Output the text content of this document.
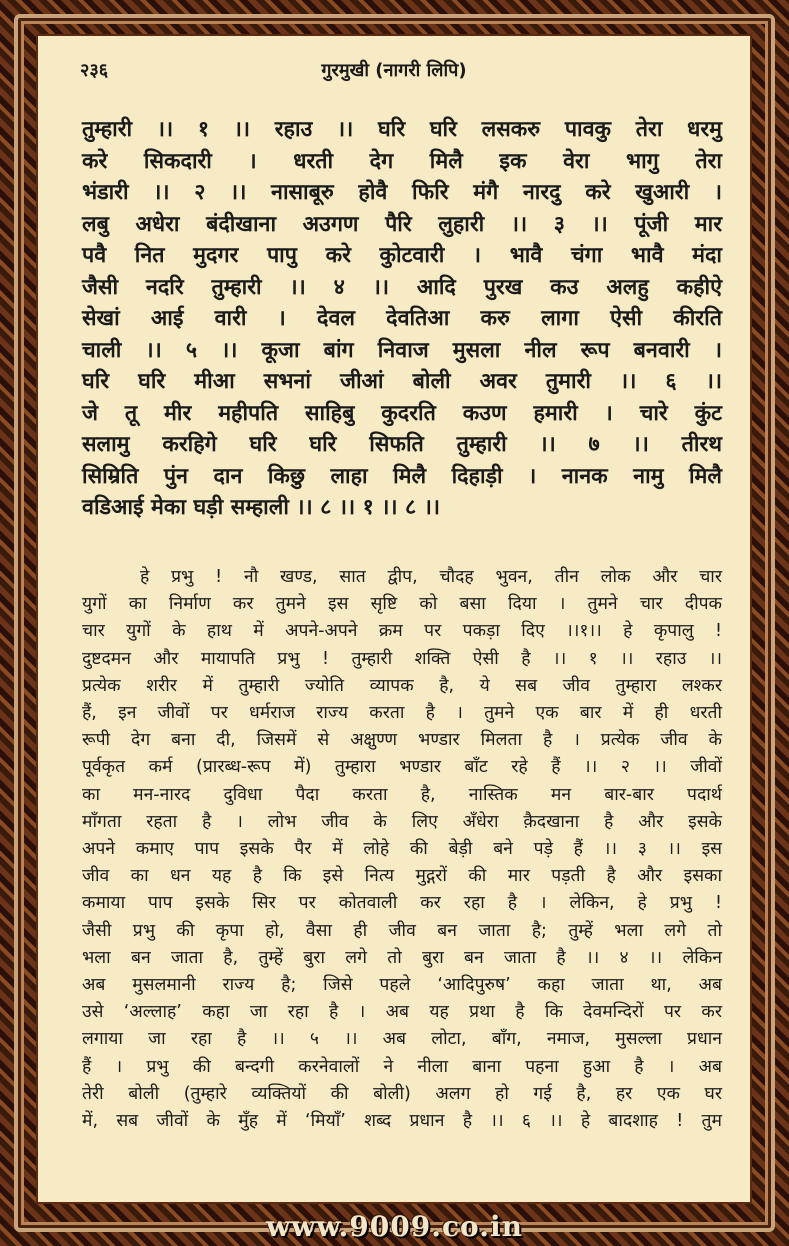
२३६	गुरमुखी (नागरी लिपि)
तुम्हारी ।। १ ।। रहाउ ।। घरि घरि लसकरु पावकु तेरा धरमु
करे सिकदारी । धरती देग मिलै इक वेरा भागु तेरा
भंडारी ।। २ ।। नासाबूरु होवै फिरि मंगै नारदु करे खुआरी ।
लबु अधेरा बंदीखाना अउगण पैरि लुहारी ।। ३ ।। पूंजी मार
पवै नित मुदगर पापु करे कुोटवारी । भावै चंगा भावै मंदा
जैसी नदरि तुम्हारी ।। ४ ।। आदि पुरख कउ अलहु कहीऐ
सेखां आई वारी । देवल देवतिआ करु लागा ऐसी कीरति
चाली ।। ५ ।। कूजा बांग निवाज मुसला नील रूप बनवारी ।
घरि घरि मीआ सभनां जीआं बोली अवर तुमारी ।। ६ ।।
जे तू मीर महीपति साहिबु कुदरति कउण हमारी । चारे कुंट
सलामु करहिगे घरि घरि सिफति तुम्हारी ।। ७ ।। तीरथ
सिम्रिति पुंन दान किछु लाहा मिलै दिहाड़ी । नानक नामु मिलै
वडिआई मेका घड़ी सम्हाली ।। ८ ।। १ ।। ८ ।।
हे प्रभु ! नौ खण्ड, सात द्वीप, चौदह भुवन, तीन लोक और चार
युगों का निर्माण कर तुमने इस सृष्टि को बसा दिया । तुमने चार दीपक
चार युगों के हाथ में अपने-अपने क्रम पर पकड़ा दिए ।।१।। हे कृपालु !
दुष्टदमन और मायापति प्रभु ! तुम्हारी शक्ति ऐसी है ।। १ ।। रहाउ ।।
प्रत्येक शरीर में तुम्हारी ज्योति व्यापक है, ये सब जीव तुम्हारा लश्कर
हैं, इन जीवों पर धर्मराज राज्य करता है । तुमने एक बार में ही धरती
रूपी देग बना दी, जिसमें से अक्षुण्ण भण्डार मिलता है । प्रत्येक जीव के
पूर्वकृत कर्म (प्रारब्ध-रूप में) तुम्हारा भण्डार बाँट रहे हैं ।। २ ।। जीवों
का मन-नारद दुविधा पैदा करता है, नास्तिक मन बार-बार पदार्थ
माँगता रहता है । लोभ जीव के लिए अँधेरा क़ैदखाना है और इसके
अपने कमाए पाप इसके पैर में लोहे की बेड़ी बने पड़े हैं ।। ३ ।। इस
जीव का धन यह है कि इसे नित्य मुद्गरों की मार पड़ती है और इसका
कमाया पाप इसके सिर पर कोतवाली कर रहा है । लेकिन, हे प्रभु !
जैसी प्रभु की कृपा हो, वैसा ही जीव बन जाता है; तुम्हें भला लगे तो
भला बन जाता है, तुम्हें बुरा लगे तो बुरा बन जाता है ।। ४ ।। लेकिन
अब मुसलमानी राज्य है; जिसे पहले ‘आदिपुरुष’ कहा जाता था, अब
उसे ‘अल्लाह’ कहा जा रहा है । अब यह प्रथा है कि देवमन्दिरों पर कर
लगाया जा रहा है ।। ५ ।। अब लोटा, बाँग, नमाज, मुसल्ला प्रधान
हैं । प्रभु की बन्दगी करनेवालों ने नीला बाना पहना हुआ है । अब
तेरी बोली (तुम्हारे व्यक्तियों की बोली) अलग हो गई है, हर एक घर
में, सब जीवों के मुँह में ‘मियाँ’ शब्द प्रधान है ।। ६ ।। हे बादशाह ! तुम
www.9009.co.in
